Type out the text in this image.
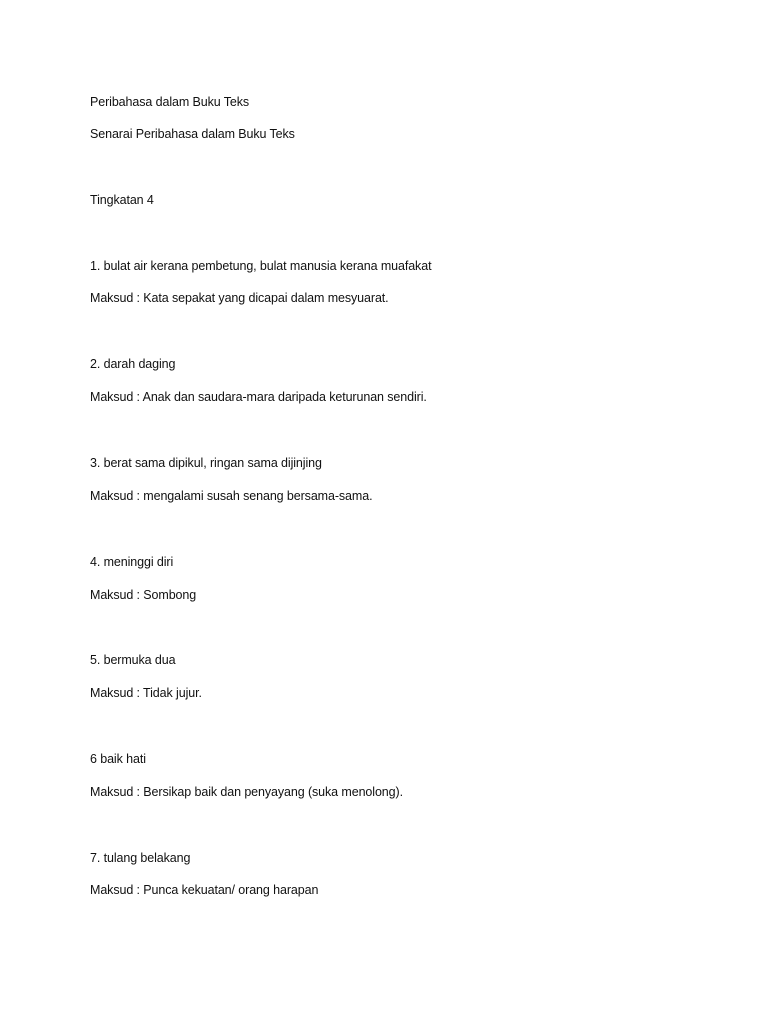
Peribahasa dalam Buku Teks
Senarai Peribahasa dalam Buku Teks
Tingkatan 4
1. bulat air kerana pembetung, bulat manusia kerana muafakat
Maksud : Kata sepakat yang dicapai dalam mesyuarat.
2. darah daging
Maksud : Anak dan saudara-mara daripada keturunan sendiri.
3. berat sama dipikul, ringan sama dijinjing
Maksud : mengalami susah senang bersama-sama.
4. meninggi diri
Maksud : Sombong
5. bermuka dua
Maksud : Tidak jujur.
6 baik hati
Maksud : Bersikap baik dan penyayang (suka menolong).
7. tulang belakang
Maksud : Punca kekuatan/ orang harapan
